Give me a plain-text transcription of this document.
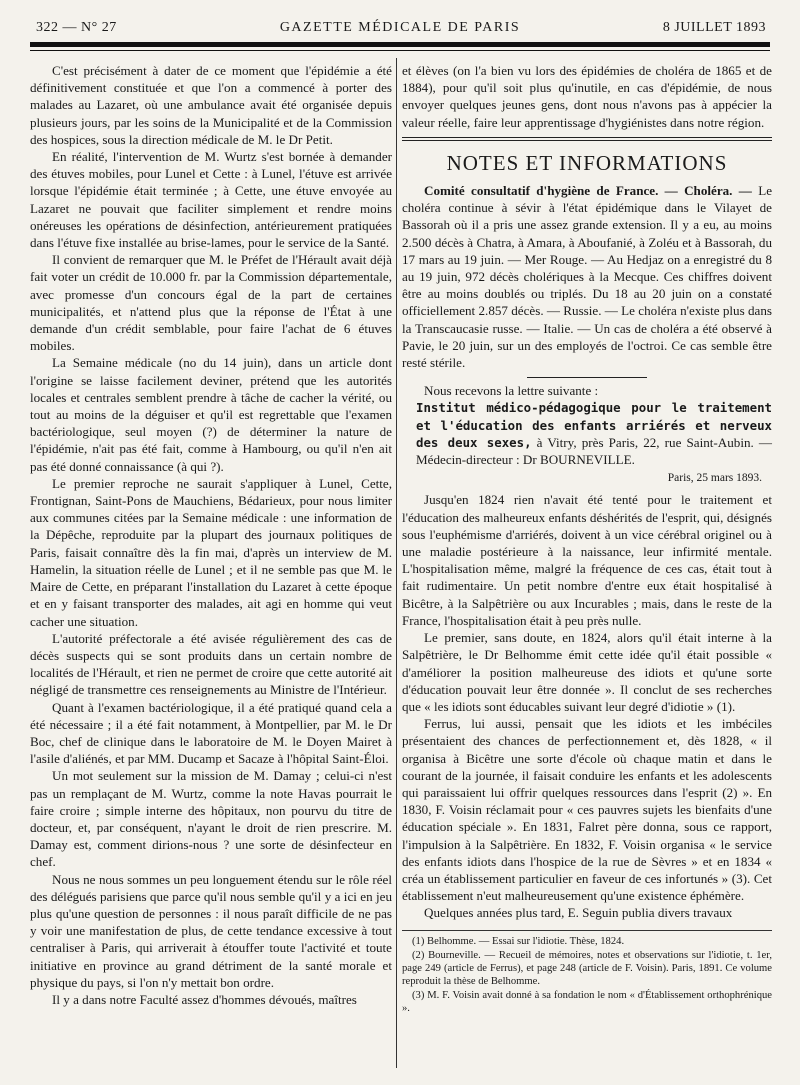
322 — N° 27	GAZETTE MÉDICALE DE PARIS	8 JUILLET 1893

C'est précisément à dater de ce moment que l'épidémie a été définitivement constituée et que l'on a commencé à porter des malades au Lazaret, où une ambulance avait été organisée depuis plusieurs jours, par les soins de la Municipalité et de la Commission des hospices, sous la direction médicale de M. le Dr Petit.

En réalité, l'intervention de M. Wurtz s'est bornée à demander des étuves mobiles, pour Lunel et Cette : à Lunel, l'étuve est arrivée lorsque l'épidémie était terminée ; à Cette, une étuve envoyée au Lazaret ne pouvait que faciliter simplement et rendre moins onéreuses les opérations de désinfection, antérieurement pratiquées dans l'étuve fixe installée au brise-lames, pour le service de la Santé.

Il convient de remarquer que M. le Préfet de l'Hérault avait déjà fait voter un crédit de 10.000 fr. par la Commission départementale, avec promesse d'un concours égal de la part de certaines municipalités, et n'attend plus que la réponse de l'État à une demande d'un crédit semblable, pour faire l'achat de 6 étuves mobiles.

La Semaine médicale (no du 14 juin), dans un article dont l'origine se laisse facilement deviner, prétend que les autorités locales et centrales semblent prendre à tâche de cacher la vérité, ou tout au moins de la déguiser et qu'il est regrettable que l'examen bactériologique, seul moyen (?) de déterminer la nature de l'épidémie, n'ait pas été fait, comme à Hambourg, ou qu'il n'en ait pas été donné connaissance (à qui ?).

Le premier reproche ne saurait s'appliquer à Lunel, Cette, Frontignan, Saint-Pons de Mauchiens, Bédarieux, pour nous limiter aux communes citées par la Semaine médicale : une information de la Dépêche, reproduite par la plupart des journaux politiques de Paris, faisait connaître dès la fin mai, d'après un interview de M. Hamelin, la situation réelle de Lunel ; et il ne semble pas que M. le Maire de Cette, en préparant l'installation du Lazaret à cette époque et en y faisant transporter des malades, ait agi en homme qui veut cacher une situation.

L'autorité préfectorale a été avisée régulièrement des cas de décès suspects qui se sont produits dans un certain nombre de localités de l'Hérault, et rien ne permet de croire que cette autorité ait négligé de transmettre ces renseignements au Ministre de l'Intérieur.

Quant à l'examen bactériologique, il a été pratiqué quand cela a été nécessaire ; il a été fait notamment, à Montpellier, par M. le Dr Boc, chef de clinique dans le laboratoire de M. le Doyen Mairet à l'asile d'aliénés, et par MM. Ducamp et Sacaze à l'hôpital Saint-Éloi.

Un mot seulement sur la mission de M. Damay ; celui-ci n'est pas un remplaçant de M. Wurtz, comme la note Havas pourrait le faire croire ; simple interne des hôpitaux, non pourvu du titre de docteur, et, par conséquent, n'ayant le droit de rien prescrire. M. Damay est, comment dirions-nous ? une sorte de désinfecteur en chef.

Nous ne nous sommes un peu longuement étendu sur le rôle réel des délégués parisiens que parce qu'il nous semble qu'il y a ici en jeu plus qu'une question de personnes : il nous paraît difficile de ne pas y voir une manifestation de plus, de cette tendance excessive à tout centraliser à Paris, qui arriverait à étouffer toute l'activité et toute initiative en province au grand détriment de la santé morale et physique du pays, si l'on n'y mettait bon ordre.

Il y a dans notre Faculté assez d'hommes dévoués, maîtres

et élèves (on l'a bien vu lors des épidémies de choléra de 1865 et de 1884), pour qu'il soit plus qu'inutile, en cas d'épidémie, de nous envoyer quelques jeunes gens, dont nous n'avons pas à appécier la valeur réelle, faire leur apprentissage d'hygiénistes dans notre région.

NOTES ET INFORMATIONS

Comité consultatif d'hygiène de France. — Choléra. — Le choléra continue à sévir à l'état épidémique dans le Vilayet de Bassorah où il a pris une assez grande extension. Il y a eu, au moins 2.500 décès à Chatra, à Amara, à Aboufanié, à Zoléu et à Bassorah, du 17 mars au 19 juin. — Mer Rouge. — Au Hedjaz on a enregistré du 8 au 19 juin, 972 décès cholériques à la Mecque. Ces chiffres doivent être au moins doublés ou triplés. Du 18 au 20 juin on a constaté officiellement 2.857 décès. — Russie. — Le choléra n'existe plus dans la Transcaucasie russe. — Italie. — Un cas de choléra a été observé à Pavie, le 20 juin, sur un des employés de l'octroi. Ce cas semble être resté stérile.

Nous recevons la lettre suivante :

Institut médico-pédagogique pour le traitement et l'éducation des enfants arriérés et nerveux des deux sexes, à Vitry, près Paris, 22, rue Saint-Aubin. — Médecin-directeur : Dr BOURNEVILLE.

Paris, 25 mars 1893.

Jusqu'en 1824 rien n'avait été tenté pour le traitement et l'éducation des malheureux enfants déshérités de l'esprit, qui, désignés sous l'euphémisme d'arriérés, doivent à un vice cérébral originel ou à une maladie postérieure à la naissance, leur infirmité mentale. L'hospitalisation même, malgré la fréquence de ces cas, était tout à fait rudimentaire. Un petit nombre d'entre eux était hospitalisé à Bicêtre, à la Salpêtrière ou aux Incurables ; mais, dans le reste de la France, l'hospitalisation était à peu près nulle.

Le premier, sans doute, en 1824, alors qu'il était interne à la Salpêtrière, le Dr Belhomme émit cette idée qu'il était possible « d'améliorer la position malheureuse des idiots et qu'une sorte d'éducation pouvait leur être donnée ». Il conclut de ses recherches que « les idiots sont éducables suivant leur degré d'idiotie » (1).

Ferrus, lui aussi, pensait que les idiots et les imbéciles présentaient des chances de perfectionnement et, dès 1828, « il organisa à Bicêtre une sorte d'école où chaque matin et dans le courant de la journée, il faisait conduire les enfants et les adolescents qui paraissaient lui offrir quelques ressources dans l'esprit (2) ». En 1830, F. Voisin réclamait pour « ces pauvres sujets les bienfaits d'une éducation spéciale ». En 1831, Falret père donna, sous ce rapport, l'impulsion à la Salpêtrière. En 1832, F. Voisin organisa « le service des enfants idiots dans l'hospice de la rue de Sèvres » et en 1834 « créa un établissement particulier en faveur de ces infortunés » (3). Cet établissement n'eut malheureusement qu'une existence éphémère.

Quelques années plus tard, E. Seguin publia divers travaux

(1) Belhomme. — Essai sur l'idiotie. Thèse, 1824.
(2) Bourneville. — Recueil de mémoires, notes et observations sur l'idiotie, t. 1er, page 249 (article de Ferrus), et page 248 (article de F. Voisin). Paris, 1891. Ce volume reproduit la thèse de Belhomme.
(3) M. F. Voisin avait donné à sa fondation le nom « d'Établissement orthophrénique ».
